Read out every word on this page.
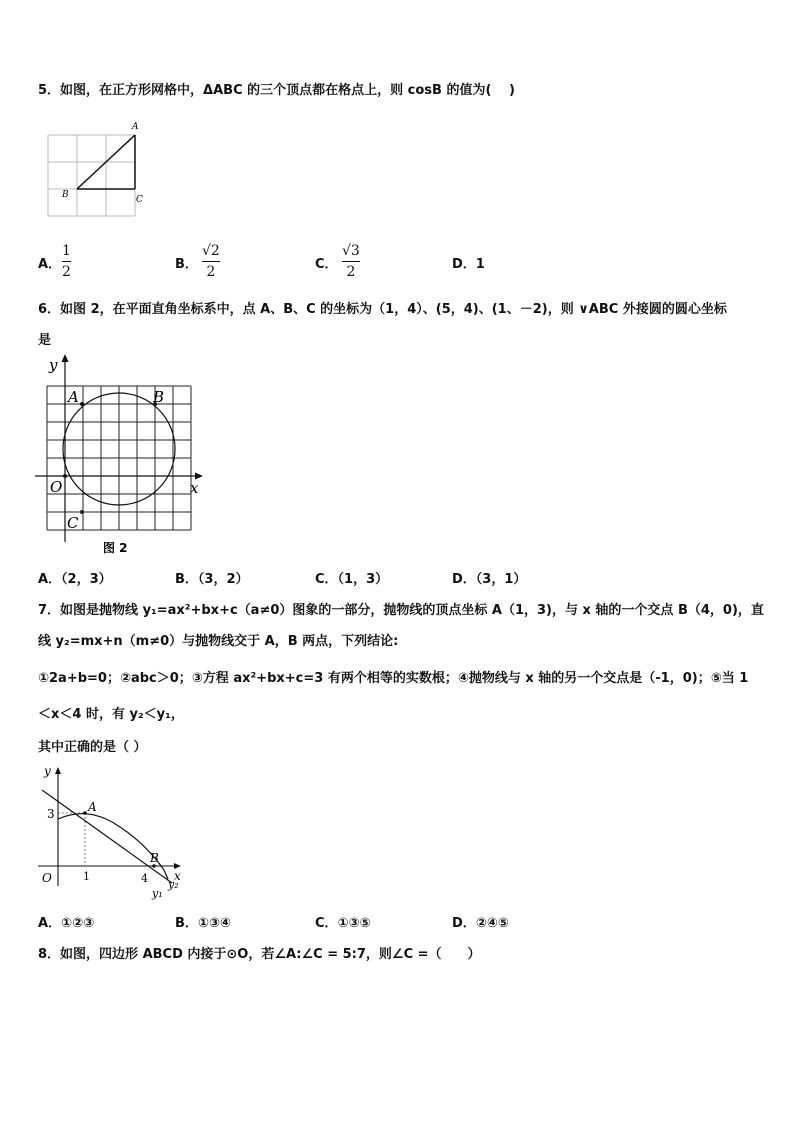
5．如图，在正方形网格中，ΔABC 的三个顶点都在格点上，则 cosB 的值为(　 )
A
B	C
A．
1
2	B．
√2
2	C．
√3
2	D．1
6．如图 2，在平面直角坐标系中，点 A、B、C 的坐标为（1，4）、(5，4)、(1、－2)，则 ∨ABC 外接圆的圆心坐标
是
y
x
O
A	B
C
图 2
A．（2，3）	B．（3，2）	C．（1，3）	D．（3，1）
7．如图是抛物线 y₁=ax²+bx+c（a≠0）图象的一部分，抛物线的顶点坐标 A（1，3)，与 x 轴的一个交点 B（4，0)，直
线 y₂=mx+n（m≠0）与抛物线交于 A，B 两点，下列结论:
①2a+b=0；②abc＞0；③方程 ax²+bx+c=3 有两个相等的实数根；④抛物线与 x 轴的另一个交点是（-1，0)；⑤当 1
＜x＜4 时，有 y₂＜y₁，
其中正确的是（ ）
y
x
O
3
1	4
A
B
y₂
y₁
A．①②③	B．①③④	C．①③⑤	D．②④⑤
8．如图，四边形 ABCD 内接于⊙O，若∠A:∠C = 5:7，则∠C =（　　）
